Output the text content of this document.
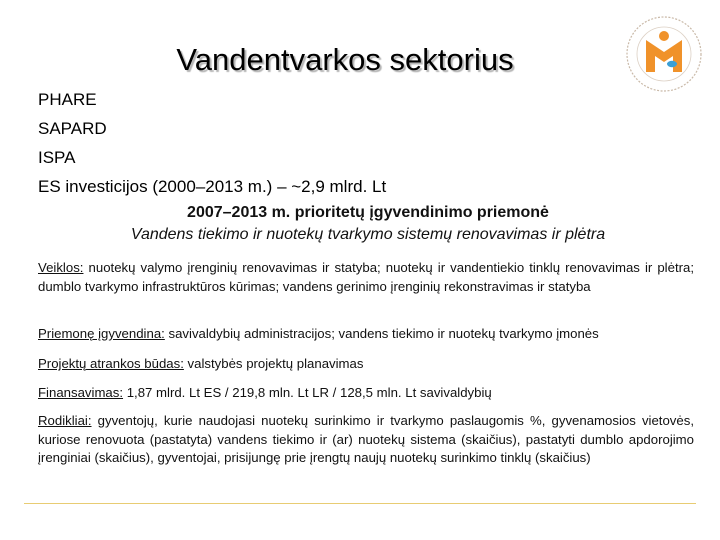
Vandentvarkos sektorius
PHARE
SAPARD
ISPA
ES investicijos (2000–2013 m.) – ~2,9 mlrd. Lt
2007–2013 m. prioritetų įgyvendinimo priemonė
Vandens tiekimo ir nuotekų tvarkymo sistemų renovavimas ir plėtra
Veiklos: nuotekų valymo įrenginių renovavimas ir statyba; nuotekų ir vandentiekio tinklų renovavimas ir plėtra; dumblo tvarkymo infrastruktūros kūrimas; vandens gerinimo įrenginių rekonstravimas ir statyba
Priemonę įgyvendina: savivaldybių administracijos; vandens tiekimo ir nuotekų tvarkymo įmonės
Projektų atrankos būdas: valstybės projektų planavimas
Finansavimas: 1,87 mlrd. Lt ES / 219,8 mln. Lt LR / 128,5 mln. Lt savivaldybių
Rodikliai: gyventojų, kurie naudojasi nuotekų surinkimo ir tvarkymo paslaugomis %, gyvenamosios vietovės, kuriose renovuota (pastatyta) vandens tiekimo ir (ar) nuotekų sistema (skaičius), pastatyti dumblo apdorojimo įrenginiai (skaičius), gyventojai, prisijungę prie įrengtų naujų nuotekų surinkimo tinklų (skaičius)
